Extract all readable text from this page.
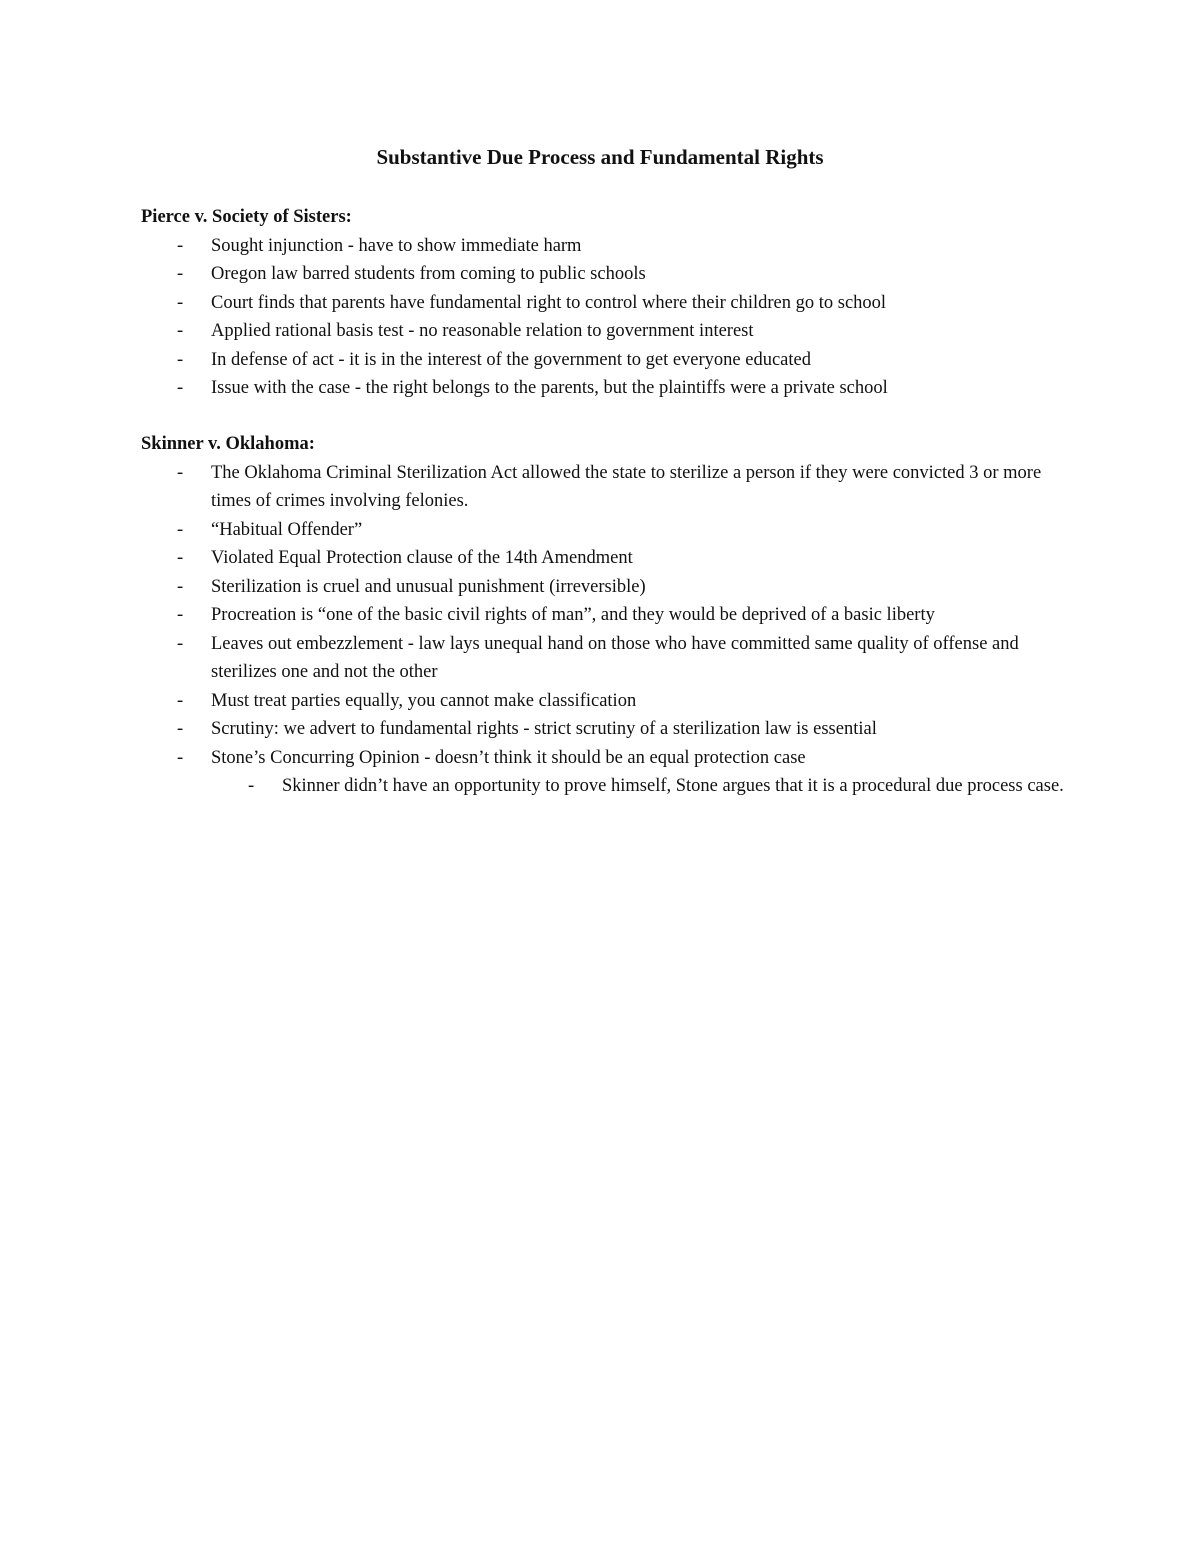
Substantive Due Process and Fundamental Rights

Pierce v. Society of Sisters:

- Sought injunction - have to show immediate harm
- Oregon law barred students from coming to public schools
- Court finds that parents have fundamental right to control where their children go to school
- Applied rational basis test - no reasonable relation to government interest
- In defense of act - it is in the interest of the government to get everyone educated
- Issue with the case - the right belongs to the parents, but the plaintiffs were a private school

Skinner v. Oklahoma:

- The Oklahoma Criminal Sterilization Act allowed the state to sterilize a person if they were convicted 3 or more times of crimes involving felonies.
- “Habitual Offender”
- Violated Equal Protection clause of the 14th Amendment
- Sterilization is cruel and unusual punishment (irreversible)
- Procreation is “one of the basic civil rights of man”, and they would be deprived of a basic liberty
- Leaves out embezzlement - law lays unequal hand on those who have committed same quality of offense and sterilizes one and not the other
- Must treat parties equally, you cannot make classification
- Scrutiny: we advert to fundamental rights - strict scrutiny of a sterilization law is essential
- Stone’s Concurring Opinion - doesn’t think it should be an equal protection case
- Skinner didn’t have an opportunity to prove himself, Stone argues that it is a procedural due process case.
